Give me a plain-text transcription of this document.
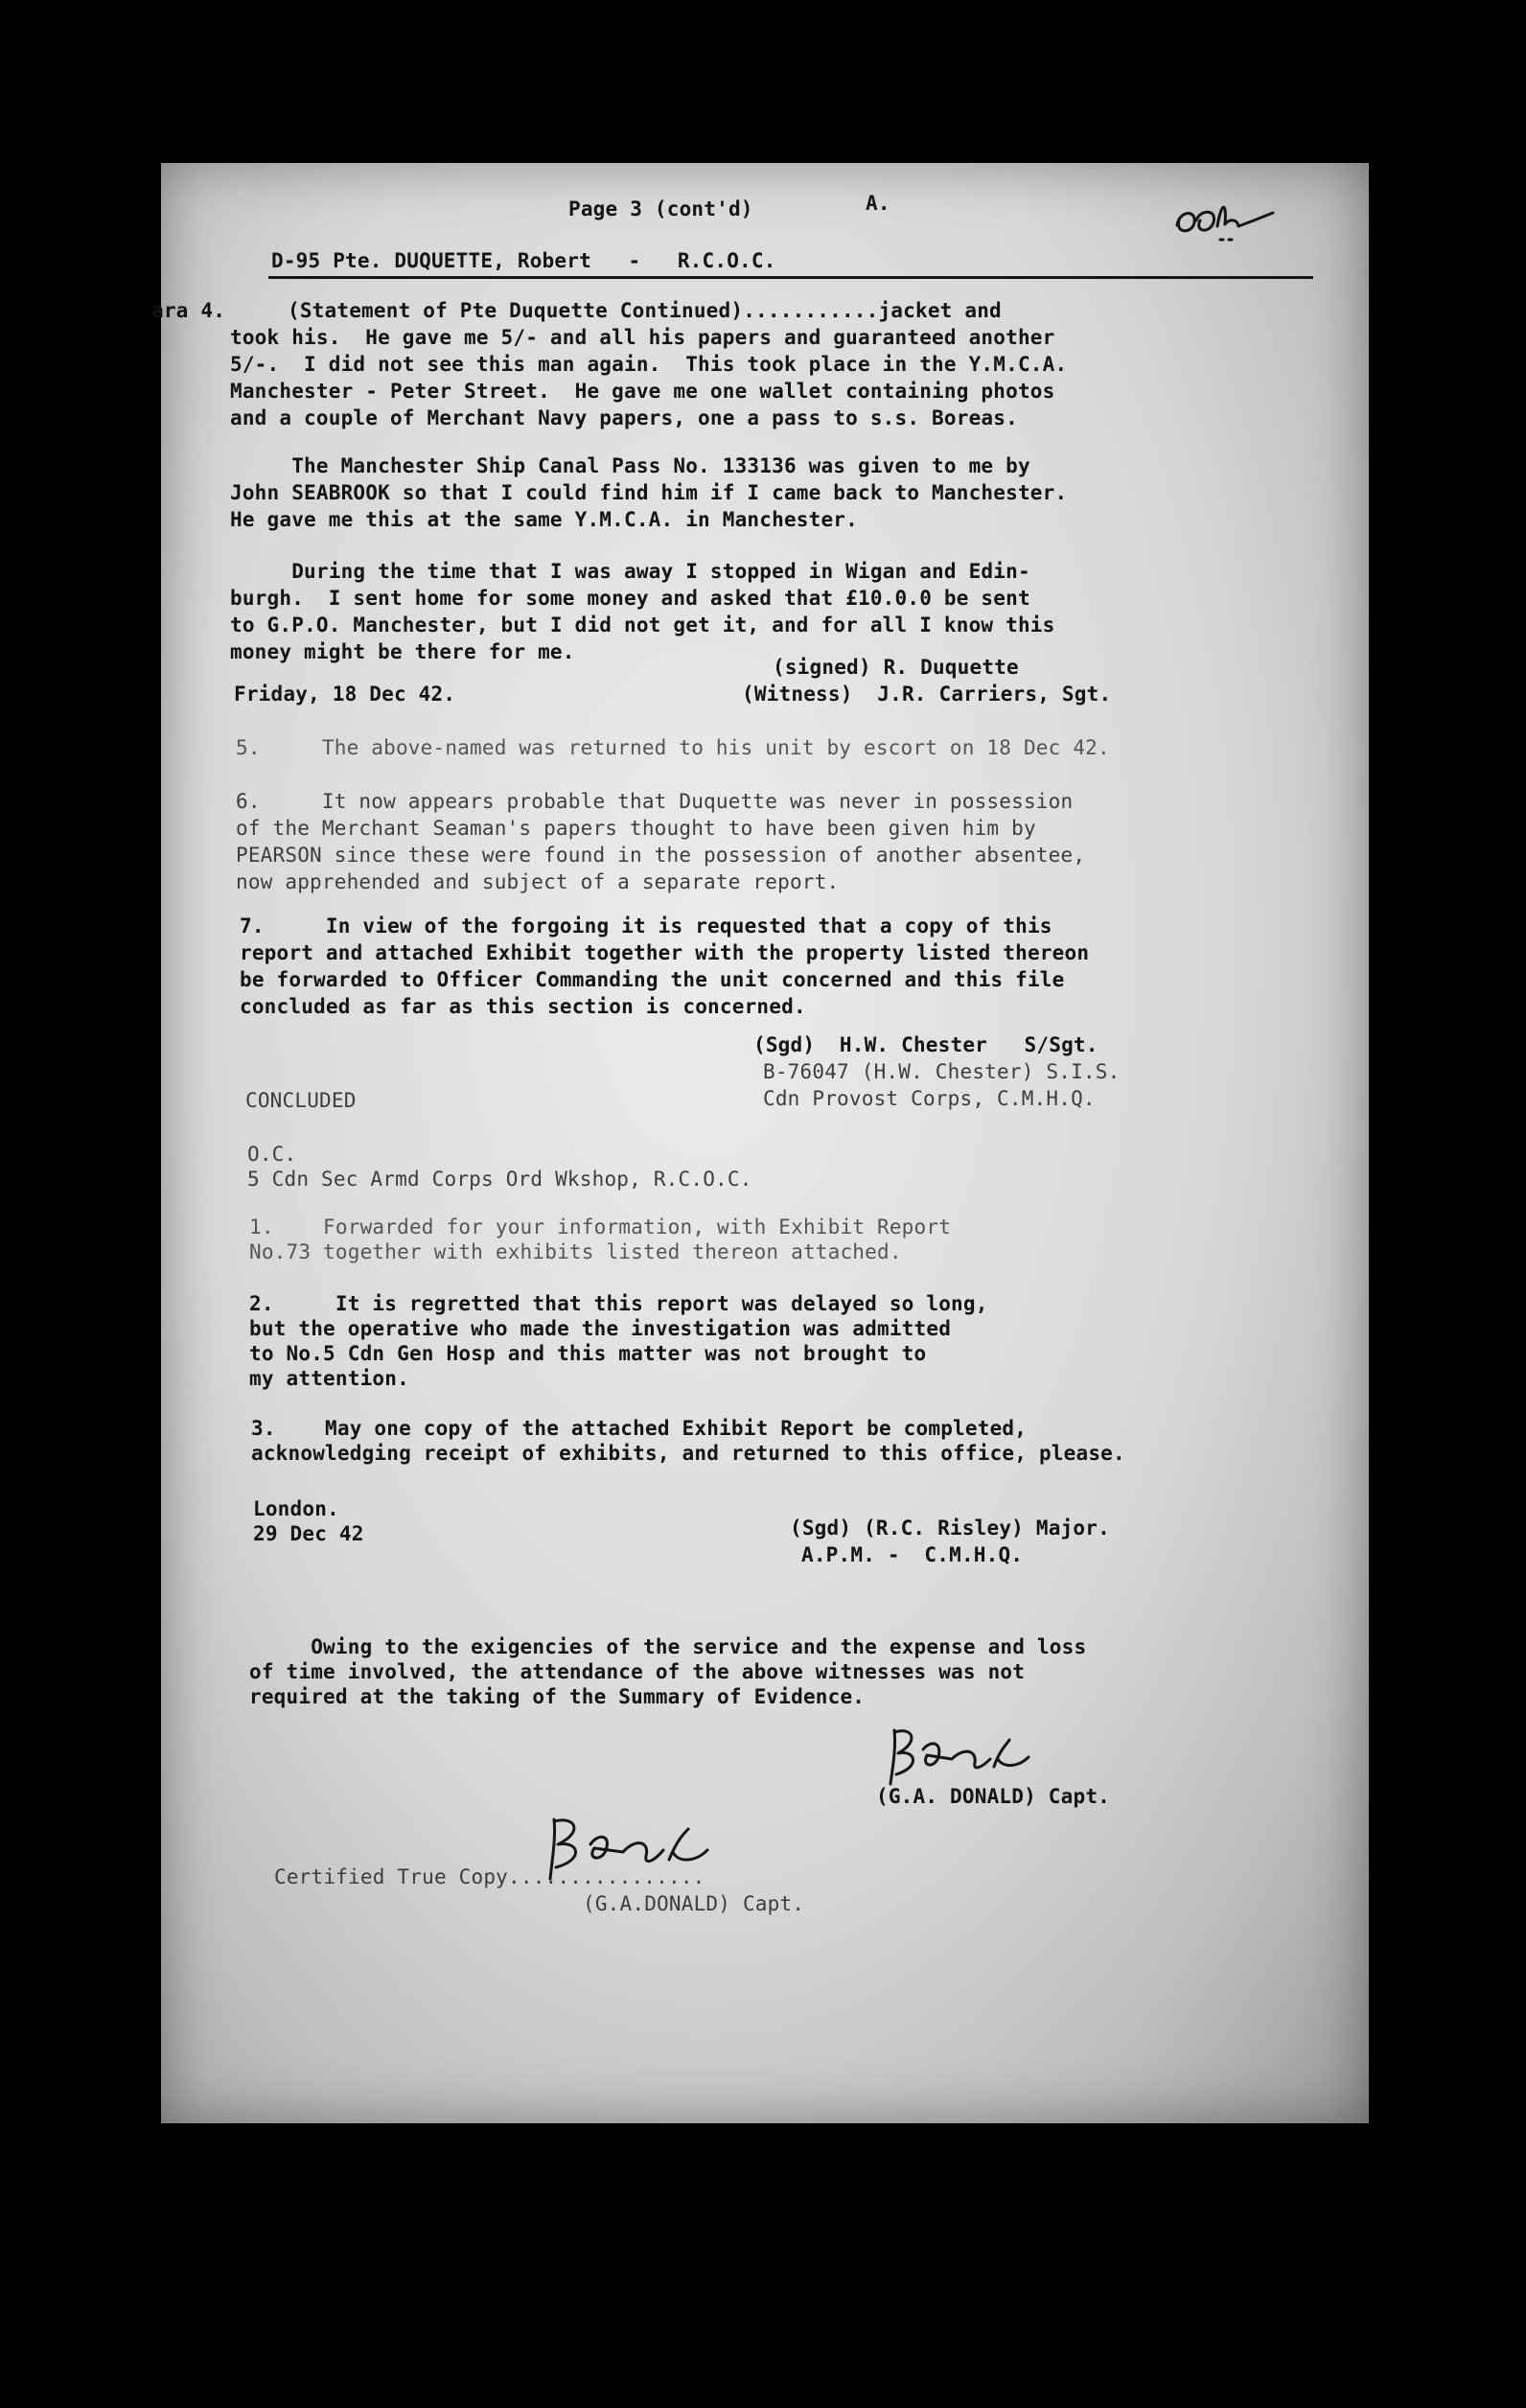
Page 3 (cont'd)	A.
D-95 Pte. DUQUETTE, Robert   -   R.C.O.C.
ara 4.	(Statement of Pte Duquette Continued)...........jacket and
took his.  He gave me 5/- and all his papers and guaranteed another
5/-.  I did not see this man again.  This took place in the Y.M.C.A.
Manchester - Peter Street.  He gave me one wallet containing photos
and a couple of Merchant Navy papers, one a pass to s.s. Boreas.
The Manchester Ship Canal Pass No. 133136 was given to me by
John SEABROOK so that I could find him if I came back to Manchester.
He gave me this at the same Y.M.C.A. in Manchester.
During the time that I was away I stopped in Wigan and Edin-
burgh.  I sent home for some money and asked that £10.0.0 be sent
to G.P.O. Manchester, but I did not get it, and for all I know this
money might be there for me.
(signed) R. Duquette
Friday, 18 Dec 42.	(Witness)  J.R. Carriers, Sgt.
5.     The above-named was returned to his unit by escort on 18 Dec 42.
6.     It now appears probable that Duquette was never in possession
of the Merchant Seaman's papers thought to have been given him by
PEARSON since these were found in the possession of another absentee,
now apprehended and subject of a separate report.
7.     In view of the forgoing it is requested that a copy of this
report and attached Exhibit together with the property listed thereon
be forwarded to Officer Commanding the unit concerned and this file
concluded as far as this section is concerned.
(Sgd)  H.W. Chester   S/Sgt.
B-76047 (H.W. Chester) S.I.S.
Cdn Provost Corps, C.M.H.Q.
CONCLUDED
O.C.
5 Cdn Sec Armd Corps Ord Wkshop, R.C.O.C.
1.    Forwarded for your information, with Exhibit Report
No.73 together with exhibits listed thereon attached.
2.     It is regretted that this report was delayed so long,
but the operative who made the investigation was admitted
to No.5 Cdn Gen Hosp and this matter was not brought to
my attention.
3.    May one copy of the attached Exhibit Report be completed,
acknowledging receipt of exhibits, and returned to this office, please.
London.
29 Dec 42	(Sgd) (R.C. Risley) Major.
A.P.M. -  C.M.H.Q.
Owing to the exigencies of the service and the expense and loss
of time involved, the attendance of the above witnesses was not
required at the taking of the Summary of Evidence.
(G.A. DONALD) Capt.
Certified True Copy................
(G.A.DONALD) Capt.
